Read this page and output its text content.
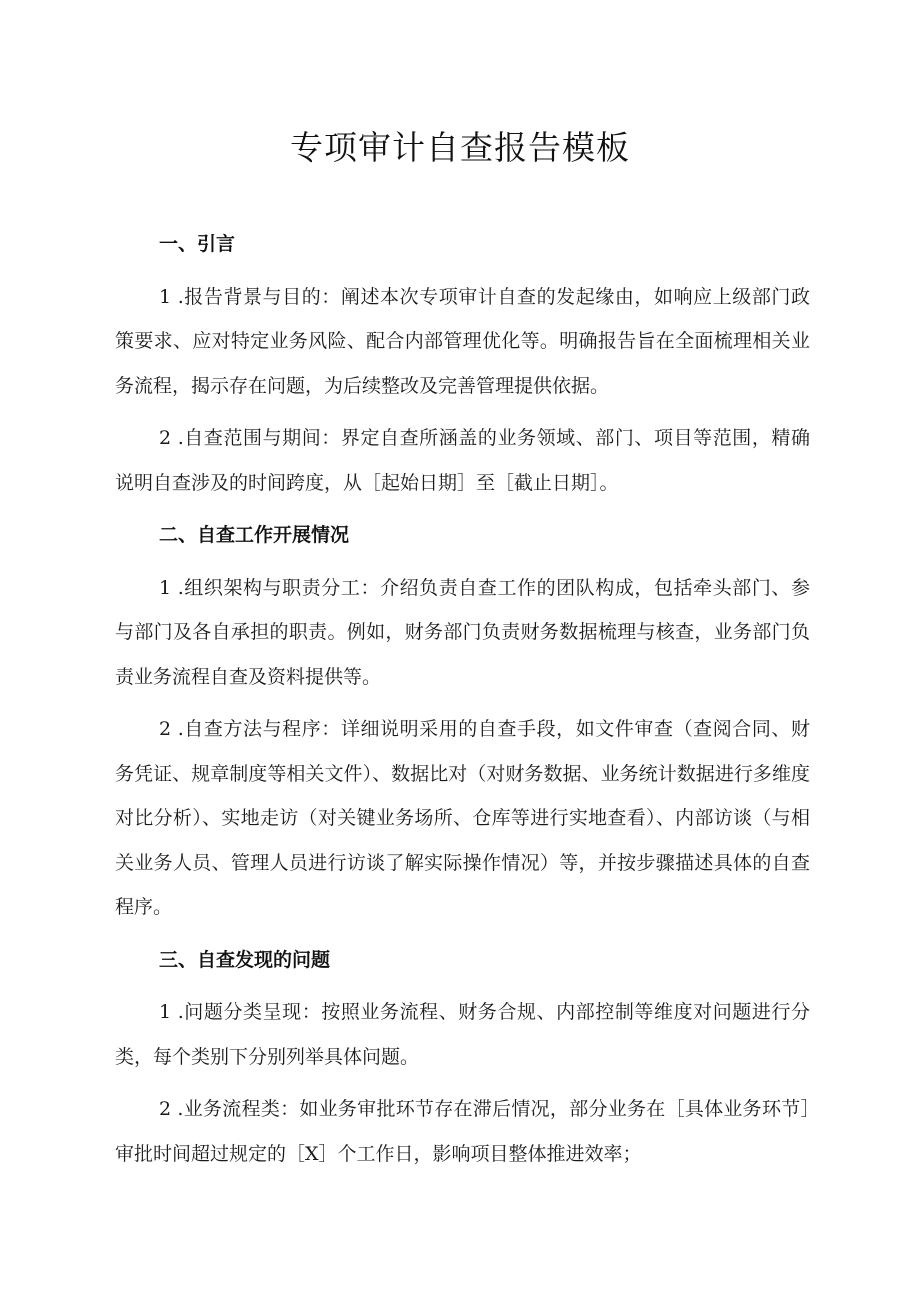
专项审计自查报告模板
一、引言

1 .报告背景与目的：阐述本次专项审计自查的发起缘由，如响应上级部门政策要求、应对特定业务风险、配合内部管理优化等。明确报告旨在全面梳理相关业务流程，揭示存在问题，为后续整改及完善管理提供依据。

2 .自查范围与期间：界定自查所涵盖的业务领域、部门、项目等范围，精确说明自查涉及的时间跨度，从［起始日期］至［截止日期］。

二、自查工作开展情况

1 .组织架构与职责分工：介绍负责自查工作的团队构成，包括牵头部门、参与部门及各自承担的职责。例如，财务部门负责财务数据梳理与核查，业务部门负责业务流程自查及资料提供等。

2 .自查方法与程序：详细说明采用的自查手段，如文件审查（查阅合同、财务凭证、规章制度等相关文件）、数据比对（对财务数据、业务统计数据进行多维度对比分析）、实地走访（对关键业务场所、仓库等进行实地查看）、内部访谈（与相关业务人员、管理人员进行访谈了解实际操作情况）等，并按步骤描述具体的自查程序。

三、自查发现的问题

1 .问题分类呈现：按照业务流程、财务合规、内部控制等维度对问题进行分类，每个类别下分别列举具体问题。

2 .业务流程类：如业务审批环节存在滞后情况，部分业务在［具体业务环节］审批时间超过规定的［X］个工作日，影响项目整体推进效率；
